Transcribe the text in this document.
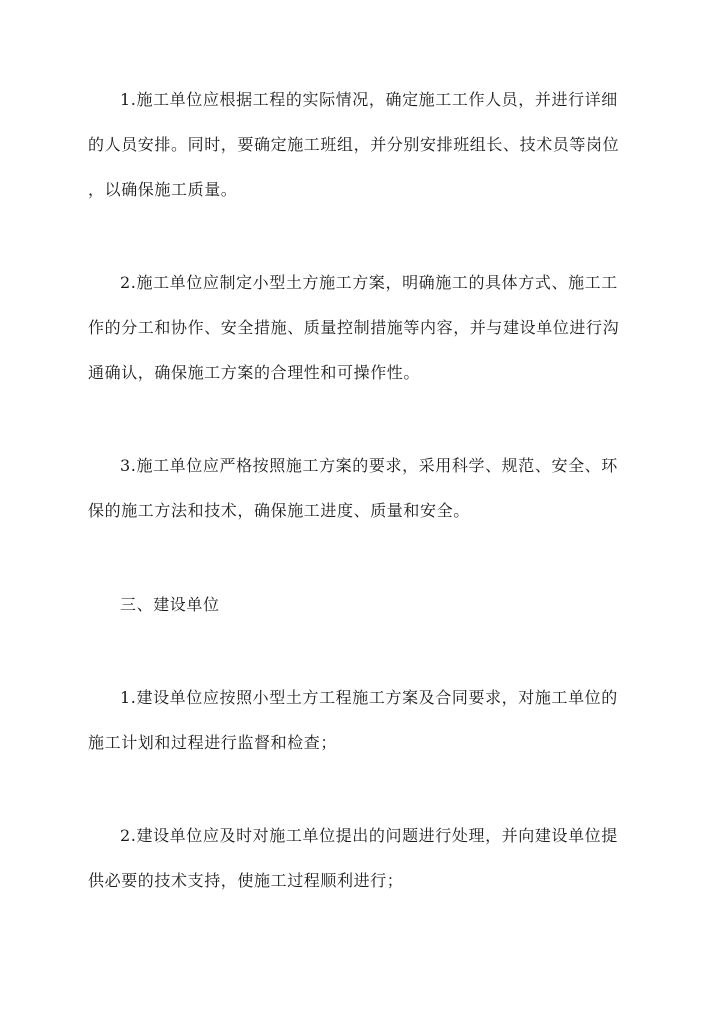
1.施工单位应根据工程的实际情况，确定施工工作人员，并进行详细
的人员安排。同时，要确定施工班组，并分别安排班组长、技术员等岗位
，以确保施工质量。
2.施工单位应制定小型土方施工方案，明确施工的具体方式、施工工
作的分工和协作、安全措施、质量控制措施等内容，并与建设单位进行沟
通确认，确保施工方案的合理性和可操作性。
3.施工单位应严格按照施工方案的要求，采用科学、规范、安全、环
保的施工方法和技术，确保施工进度、质量和安全。
三、建设单位
1.建设单位应按照小型土方工程施工方案及合同要求，对施工单位的
施工计划和过程进行监督和检查；
2.建设单位应及时对施工单位提出的问题进行处理，并向建设单位提
供必要的技术支持，使施工过程顺利进行；
